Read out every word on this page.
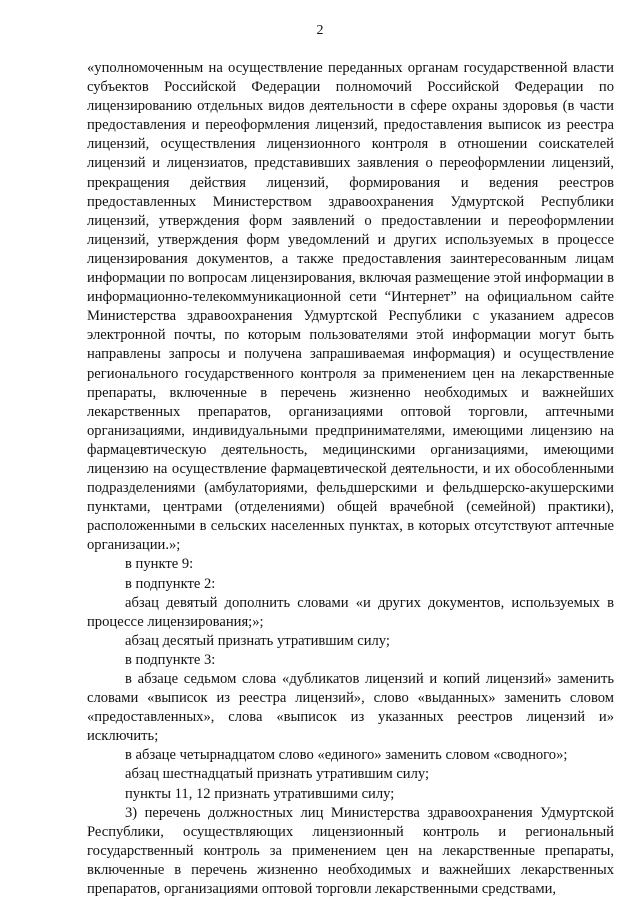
2

«уполномоченным на осуществление переданных органам государственной власти субъектов Российской Федерации полномочий Российской Федерации по лицензированию отдельных видов деятельности в сфере охраны здоровья (в части предоставления и переоформления лицензий, предоставления выписок из реестра лицензий, осуществления лицензионного контроля в отношении соискателей лицензий и лицензиатов, представивших заявления о переоформлении лицензий, прекращения действия лицензий, формирования и ведения реестров предоставленных Министерством здравоохранения Удмуртской Республики лицензий, утверждения форм заявлений о предоставлении и переоформлении лицензий, утверждения форм уведомлений и других используемых в процессе лицензирования документов, а также предоставления заинтересованным лицам информации по вопросам лицензирования, включая размещение этой информации в информационно-телекоммуникационной сети “Интернет” на официальном сайте Министерства здравоохранения Удмуртской Республики с указанием адресов электронной почты, по которым пользователями этой информации могут быть направлены запросы и получена запрашиваемая информация) и осуществление регионального государственного контроля за применением цен на лекарственные препараты, включенные в перечень жизненно необходимых и важнейших лекарственных препаратов, организациями оптовой торговли, аптечными организациями, индивидуальными предпринимателями, имеющими лицензию на фармацевтическую деятельность, медицинскими организациями, имеющими лицензию на осуществление фармацевтической деятельности, и их обособленными подразделениями (амбулаториями, фельдшерскими и фельдшерско-акушерскими пунктами, центрами (отделениями) общей врачебной (семейной) практики), расположенными в сельских населенных пунктах, в которых отсутствуют аптечные организации.»;

в пункте 9:

в подпункте 2:

абзац девятый дополнить словами «и других документов, используемых в процессе лицензирования;»;

абзац десятый признать утратившим силу;

в подпункте 3:

в абзаце седьмом слова «дубликатов лицензий и копий лицензий» заменить словами «выписок из реестра лицензий», слово «выданных» заменить словом «предоставленных», слова «выписок из указанных реестров лицензий и» исключить;

в абзаце четырнадцатом слово «единого» заменить словом «сводного»;

абзац шестнадцатый признать утратившим силу;

пункты 11, 12 признать утратившими силу;

3) перечень должностных лиц Министерства здравоохранения Удмуртской Республики, осуществляющих лицензионный контроль и региональный государственный контроль за применением цен на лекарственные препараты, включенные в перечень жизненно необходимых и важнейших лекарственных препаратов, организациями оптовой торговли лекарственными средствами,
